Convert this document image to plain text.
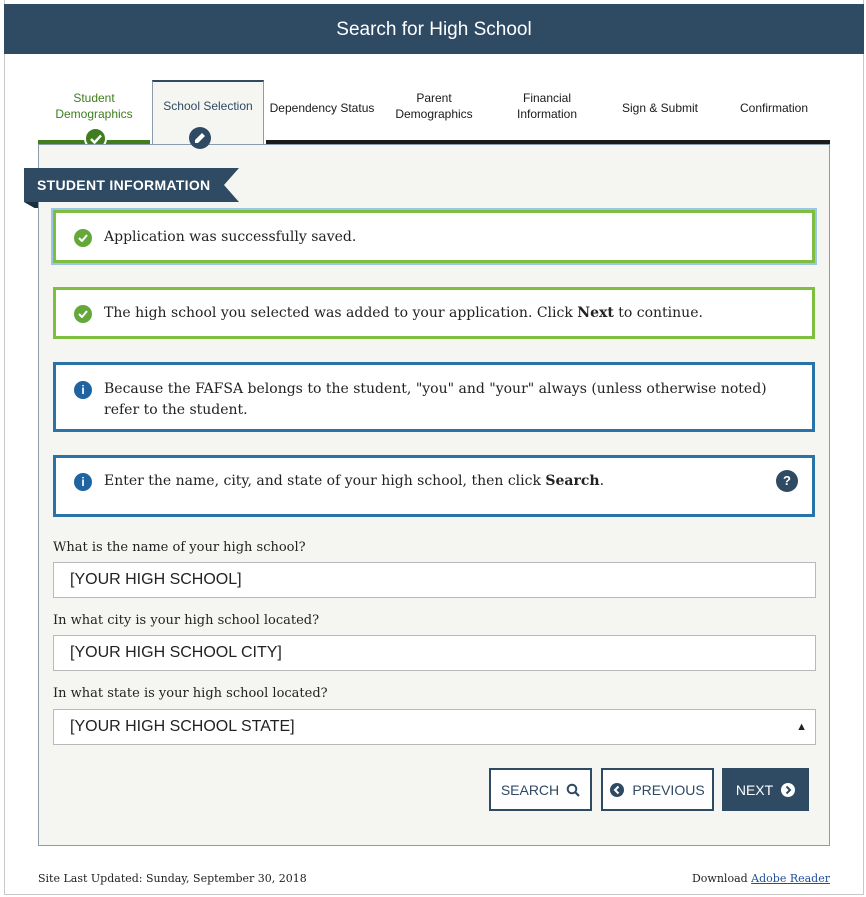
Search for High School
Student
Demographics
School Selection Dependency Status
Parent
Demographics
Financial
Information	Sign & Submit	Confirmation
STUDENT INFORMATION
Application was successfully saved.
The high school you selected was added to your application. Click Next to continue.
i	Because the FAFSA belongs to the student, "you" and "your" always (unless otherwise noted) refer to the student.
i	Enter the name, city, and state of your high school, then click Search.	?
What is the name of your high school?
[YOUR HIGH SCHOOL]
In what city is your high school located?
[YOUR HIGH SCHOOL CITY]
In what state is your high school located?
[YOUR HIGH SCHOOL STATE]	▲

SEARCH	PREVIOUS NEXT
Site Last Updated: Sunday, September 30, 2018	Download Adobe Reader
